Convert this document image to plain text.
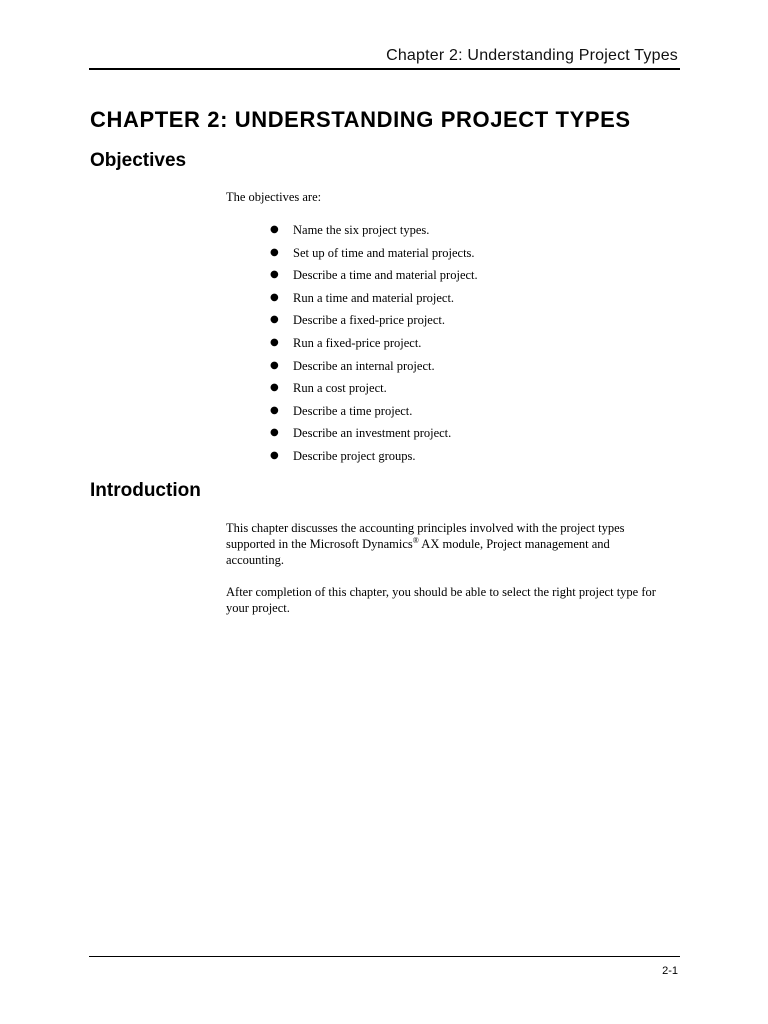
Chapter 2: Understanding Project Types
CHAPTER 2: UNDERSTANDING PROJECT TYPES
Objectives

The objectives are:

● Name the six project types.
● Set up of time and material projects.
● Describe a time and material project.
● Run a time and material project.
● Describe a fixed-price project.
● Run a fixed-price project.
● Describe an internal project.
● Run a cost project.
● Describe a time project.
● Describe an investment project.
● Describe project groups.
Introduction

This chapter discusses the accounting principles involved with the project types supported in the Microsoft Dynamics® AX module, Project management and accounting.

After completion of this chapter, you should be able to select the right project type for your project.

2-1
